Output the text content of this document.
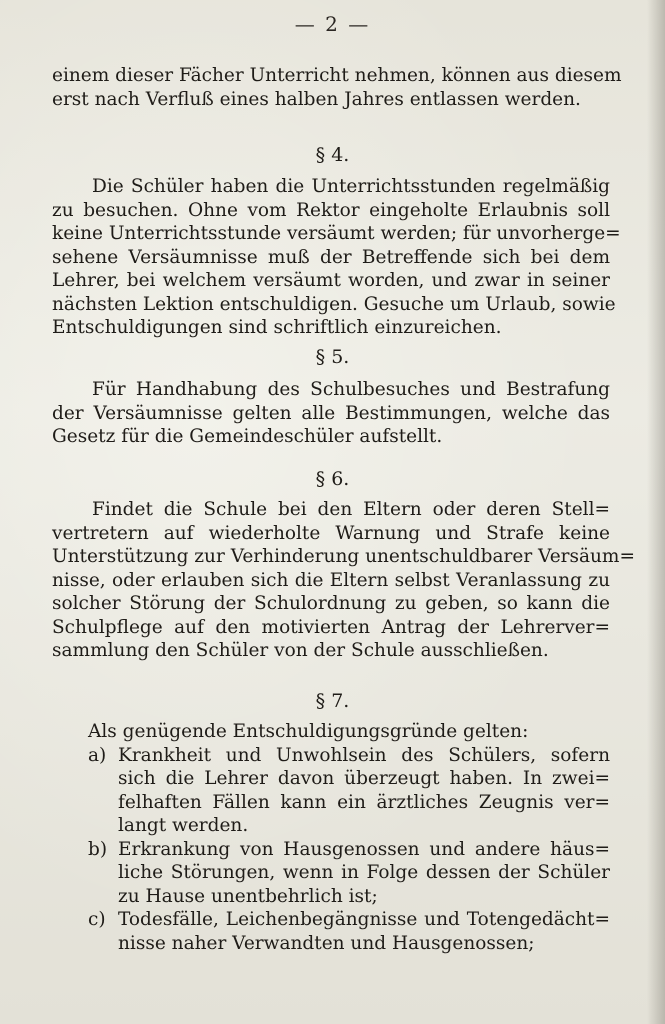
— 2 —
einem dieser Fächer Unterricht nehmen, können aus diesem
erst nach Verfluß eines halben Jahres entlassen werden.
§ 4.
Die Schüler haben die Unterrichtsstunden regelmäßig
zu besuchen. Ohne vom Rektor eingeholte Erlaubnis soll
keine Unterrichtsstunde versäumt werden; für unvorherge=
sehene Versäumnisse muß der Betreffende sich bei dem
Lehrer, bei welchem versäumt worden, und zwar in seiner
nächsten Lektion entschuldigen. Gesuche um Urlaub, sowie
Entschuldigungen sind schriftlich einzureichen.
§ 5.
Für Handhabung des Schulbesuches und Bestrafung
der Versäumnisse gelten alle Bestimmungen, welche das
Gesetz für die Gemeindeschüler aufstellt.
§ 6.
Findet die Schule bei den Eltern oder deren Stell=
vertretern auf wiederholte Warnung und Strafe keine
Unterstützung zur Verhinderung unentschuldbarer Versäum=
nisse, oder erlauben sich die Eltern selbst Veranlassung zu
solcher Störung der Schulordnung zu geben, so kann die
Schulpflege auf den motivierten Antrag der Lehrerver=
sammlung den Schüler von der Schule ausschließen.
§ 7.
Als genügende Entschuldigungsgründe gelten:
a) Krankheit und Unwohlsein des Schülers, sofern
sich die Lehrer davon überzeugt haben. In zwei=
felhaften Fällen kann ein ärztliches Zeugnis ver=
langt werden.
b) Erkrankung von Hausgenossen und andere häus=
liche Störungen, wenn in Folge dessen der Schüler
zu Hause unentbehrlich ist;
c) Todesfälle, Leichenbegängnisse und Totengedächt=
nisse naher Verwandten und Hausgenossen;
